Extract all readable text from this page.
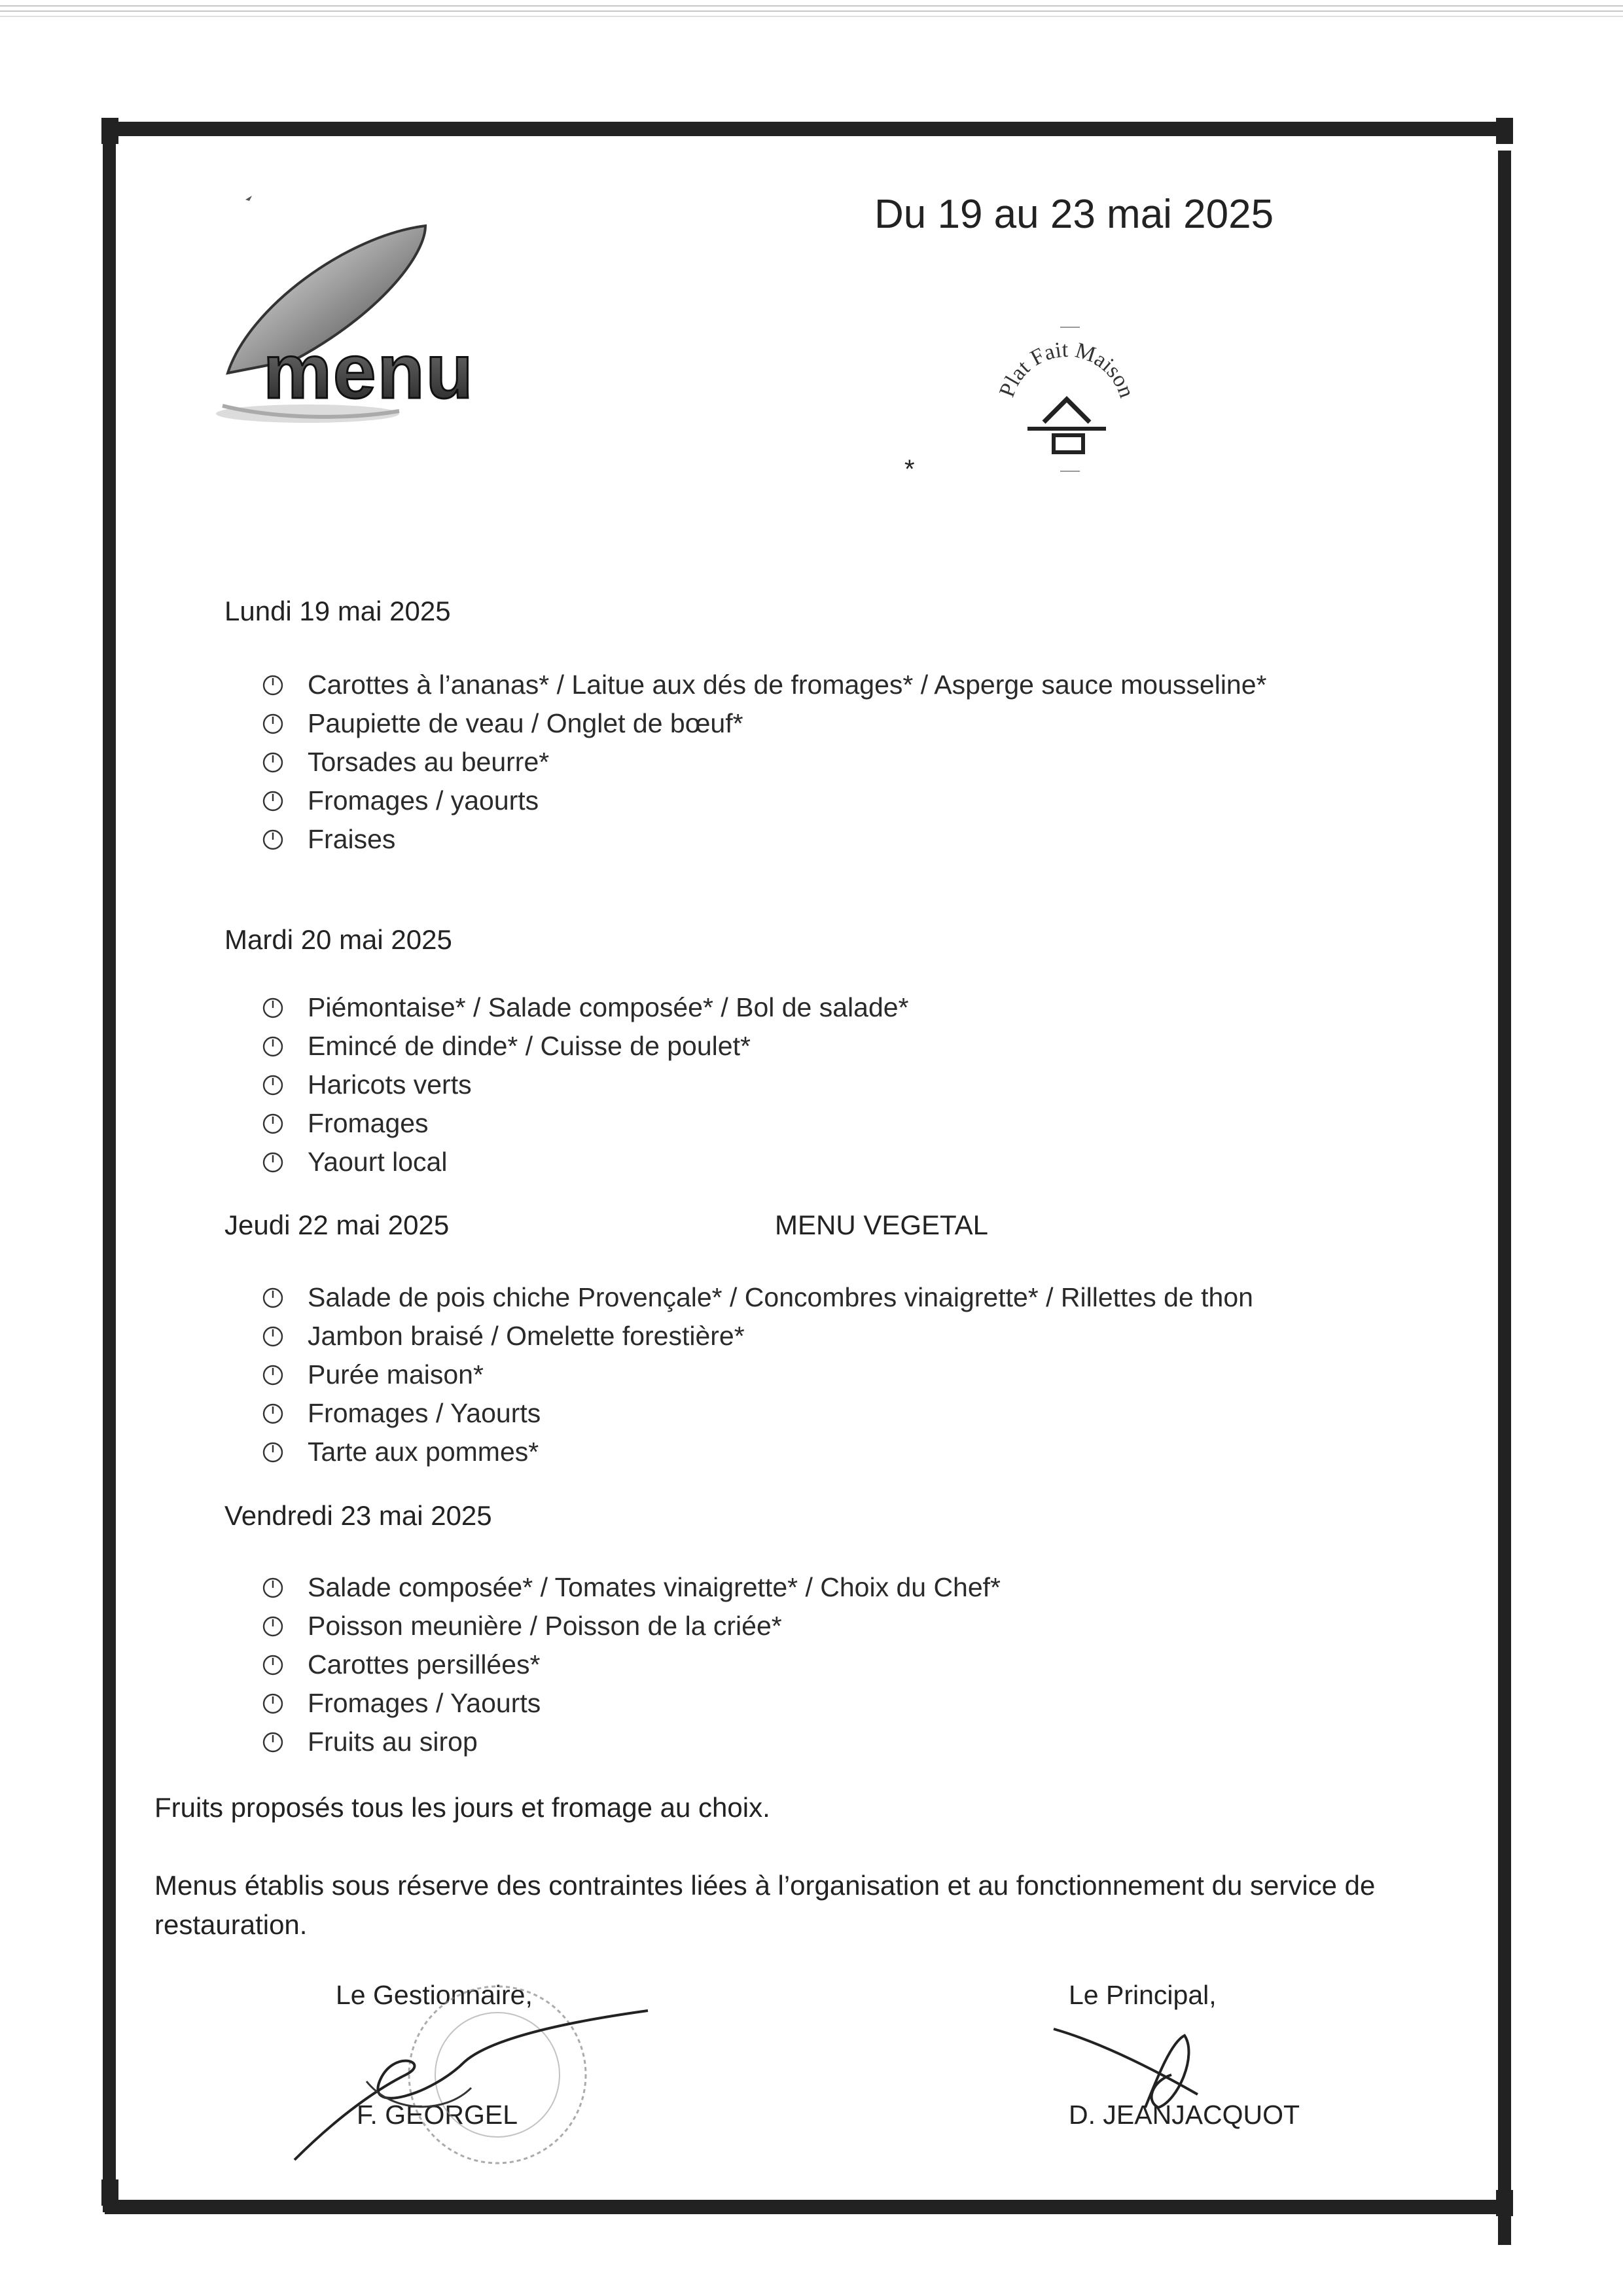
menu
Du 19 au 23 mai 2025
Plat Fait Maison
*
Lundi 19 mai 2025
Carottes à l’ananas* / Laitue aux dés de fromages* / Asperge sauce mousseline*
Paupiette de veau / Onglet de bœuf*
Torsades au beurre*
Fromages / yaourts
Fraises
Mardi 20 mai 2025
Piémontaise* / Salade composée* / Bol de salade*
Emincé de dinde* / Cuisse de poulet*
Haricots verts
Fromages
Yaourt local
Jeudi 22 mai 2025	MENU VEGETAL
Salade de pois chiche Provençale* / Concombres vinaigrette* / Rillettes de thon
Jambon braisé / Omelette forestière*
Purée maison*
Fromages / Yaourts
Tarte aux pommes*
Vendredi 23 mai 2025
Salade composée* / Tomates vinaigrette* / Choix du Chef*
Poisson meunière / Poisson de la criée*
Carottes persillées*
Fromages / Yaourts
Fruits au sirop
Fruits proposés tous les jours et fromage au choix.
Menus établis sous réserve des contraintes liées à l’organisation et au fonctionnement du service de restauration.
Le Gestionnaire,
F. GEORGEL
Le Principal,
D. JEANJACQUOT
